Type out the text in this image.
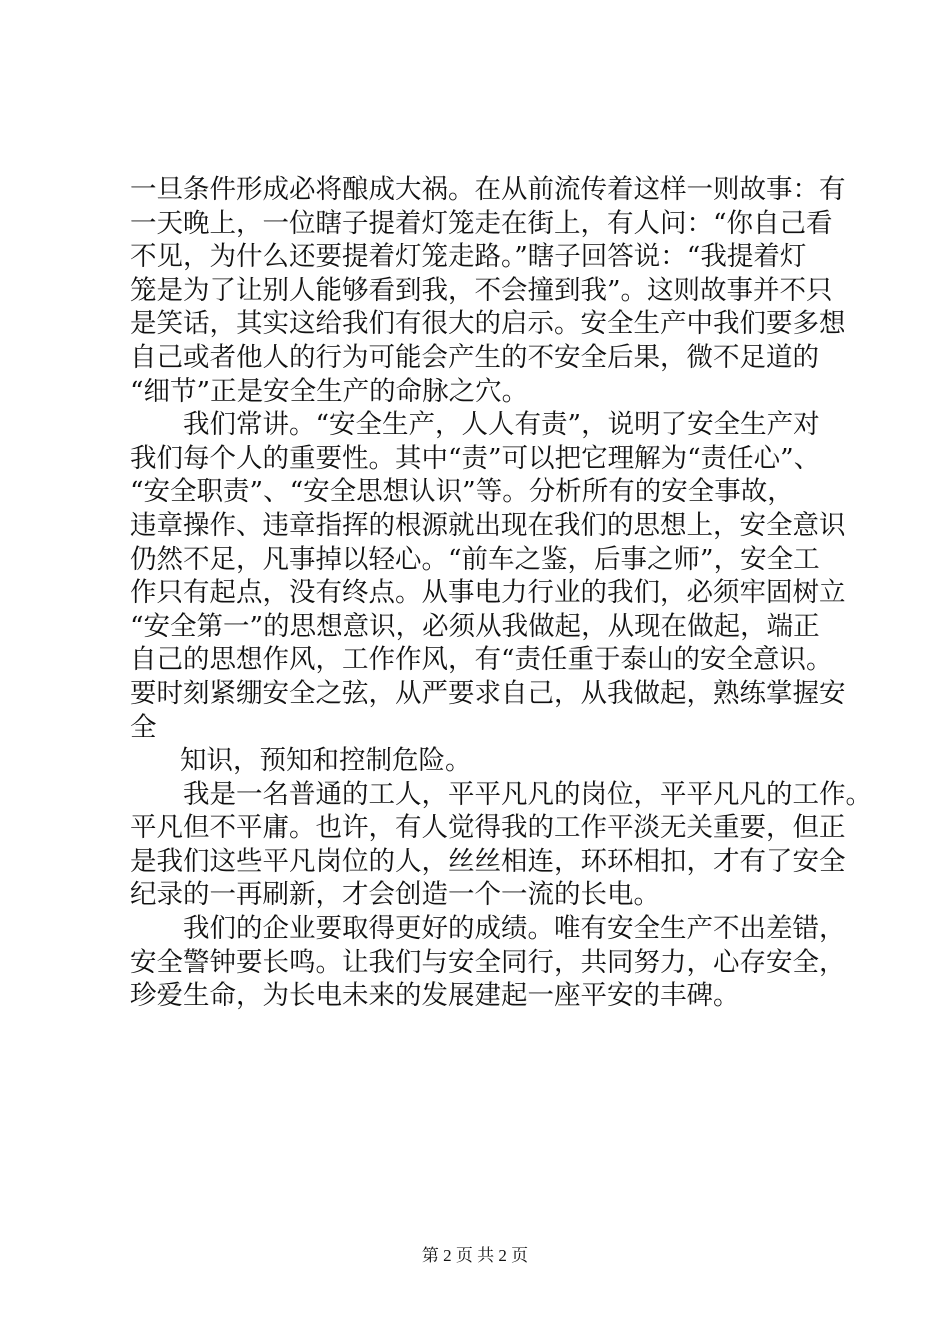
一旦条件形成必将酿成大祸。在从前流传着这样一则故事：有
一天晚上，一位瞎子提着灯笼走在街上，有人问：“你自己看
不见，为什么还要提着灯笼走路。”瞎子回答说：“我提着灯
笼是为了让别人能够看到我，不会撞到我”。这则故事并不只
是笑话，其实这给我们有很大的启示。安全生产中我们要多想
自己或者他人的行为可能会产生的不安全后果，微不足道的
“细节”正是安全生产的命脉之穴。
我们常讲。“安全生产，人人有责”，说明了安全生产对
我们每个人的重要性。其中“责”可以把它理解为“责任心”、
“安全职责”、“安全思想认识”等。分析所有的安全事故，
违章操作、违章指挥的根源就出现在我们的思想上，安全意识
仍然不足，凡事掉以轻心。“前车之鉴，后事之师”，安全工
作只有起点，没有终点。从事电力行业的我们，必须牢固树立
“安全第一”的思想意识，必须从我做起，从现在做起，端正
自己的思想作风，工作作风，有“责任重于泰山的安全意识。
要时刻紧绷安全之弦，从严要求自己，从我做起，熟练掌握安
全
知识，预知和控制危险。
我是一名普通的工人，平平凡凡的岗位，平平凡凡的工作。
平凡但不平庸。也许，有人觉得我的工作平淡无关重要，但正
是我们这些平凡岗位的人，丝丝相连，环环相扣，才有了安全
纪录的一再刷新，才会创造一个一流的长电。
我们的企业要取得更好的成绩。唯有安全生产不出差错，
安全警钟要长鸣。让我们与安全同行，共同努力，心存安全，
珍爱生命，为长电未来的发展建起一座平安的丰碑。
第 2 页 共 2 页
